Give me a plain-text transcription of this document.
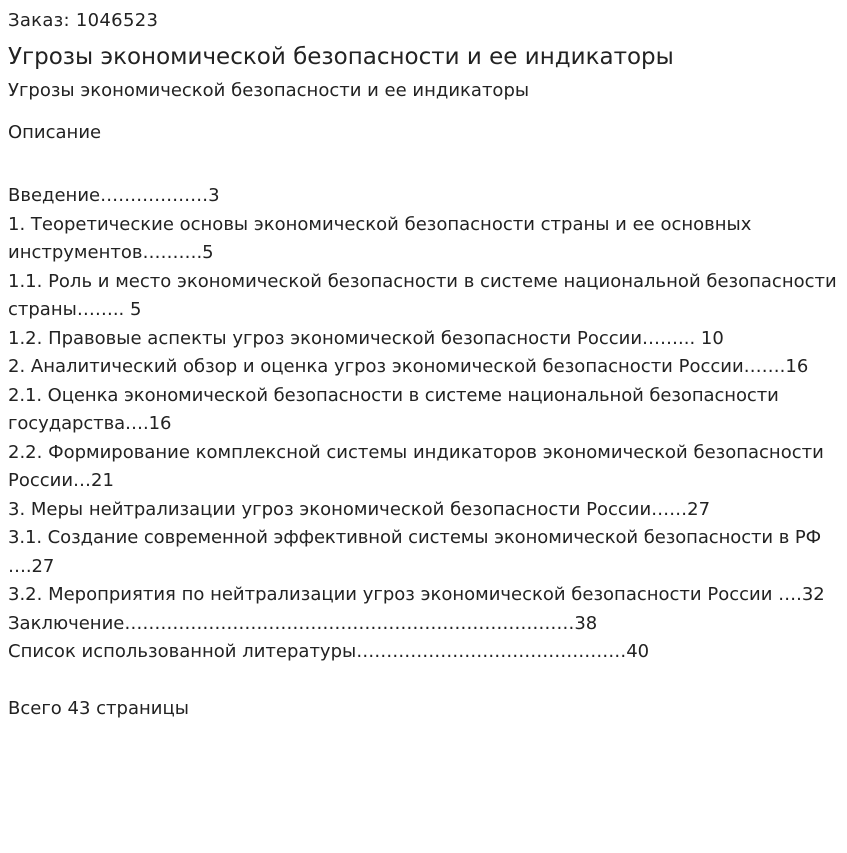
Заказ: 1046523

Угрозы экономической безопасности и ее индикаторы

Угрозы экономической безопасности и ее индикаторы

Описание

Введение………………3
1. Теоретические основы экономической безопасности страны и ее основных инструментов……….5
1.1. Роль и место экономической безопасности в системе национальной безопасности страны…….. 5
1.2. Правовые аспекты угроз экономической безопасности России……... 10
2. Аналитический обзор и оценка угроз экономической безопасности России…….16
2.1. Оценка экономической безопасности в системе национальной безопасности государства….16
2.2. Формирование комплексной системы индикаторов экономической безопасности России…21
3. Меры нейтрализации угроз экономической безопасности России……27
3.1. Создание современной эффективной системы экономической безопасности в РФ ….27
3.2. Мероприятия по нейтрализации угроз экономической безопасности России ….32
Заключение…………………………………………………………………38
Список использованной литературы………………………………………40

Всего 43 страницы
